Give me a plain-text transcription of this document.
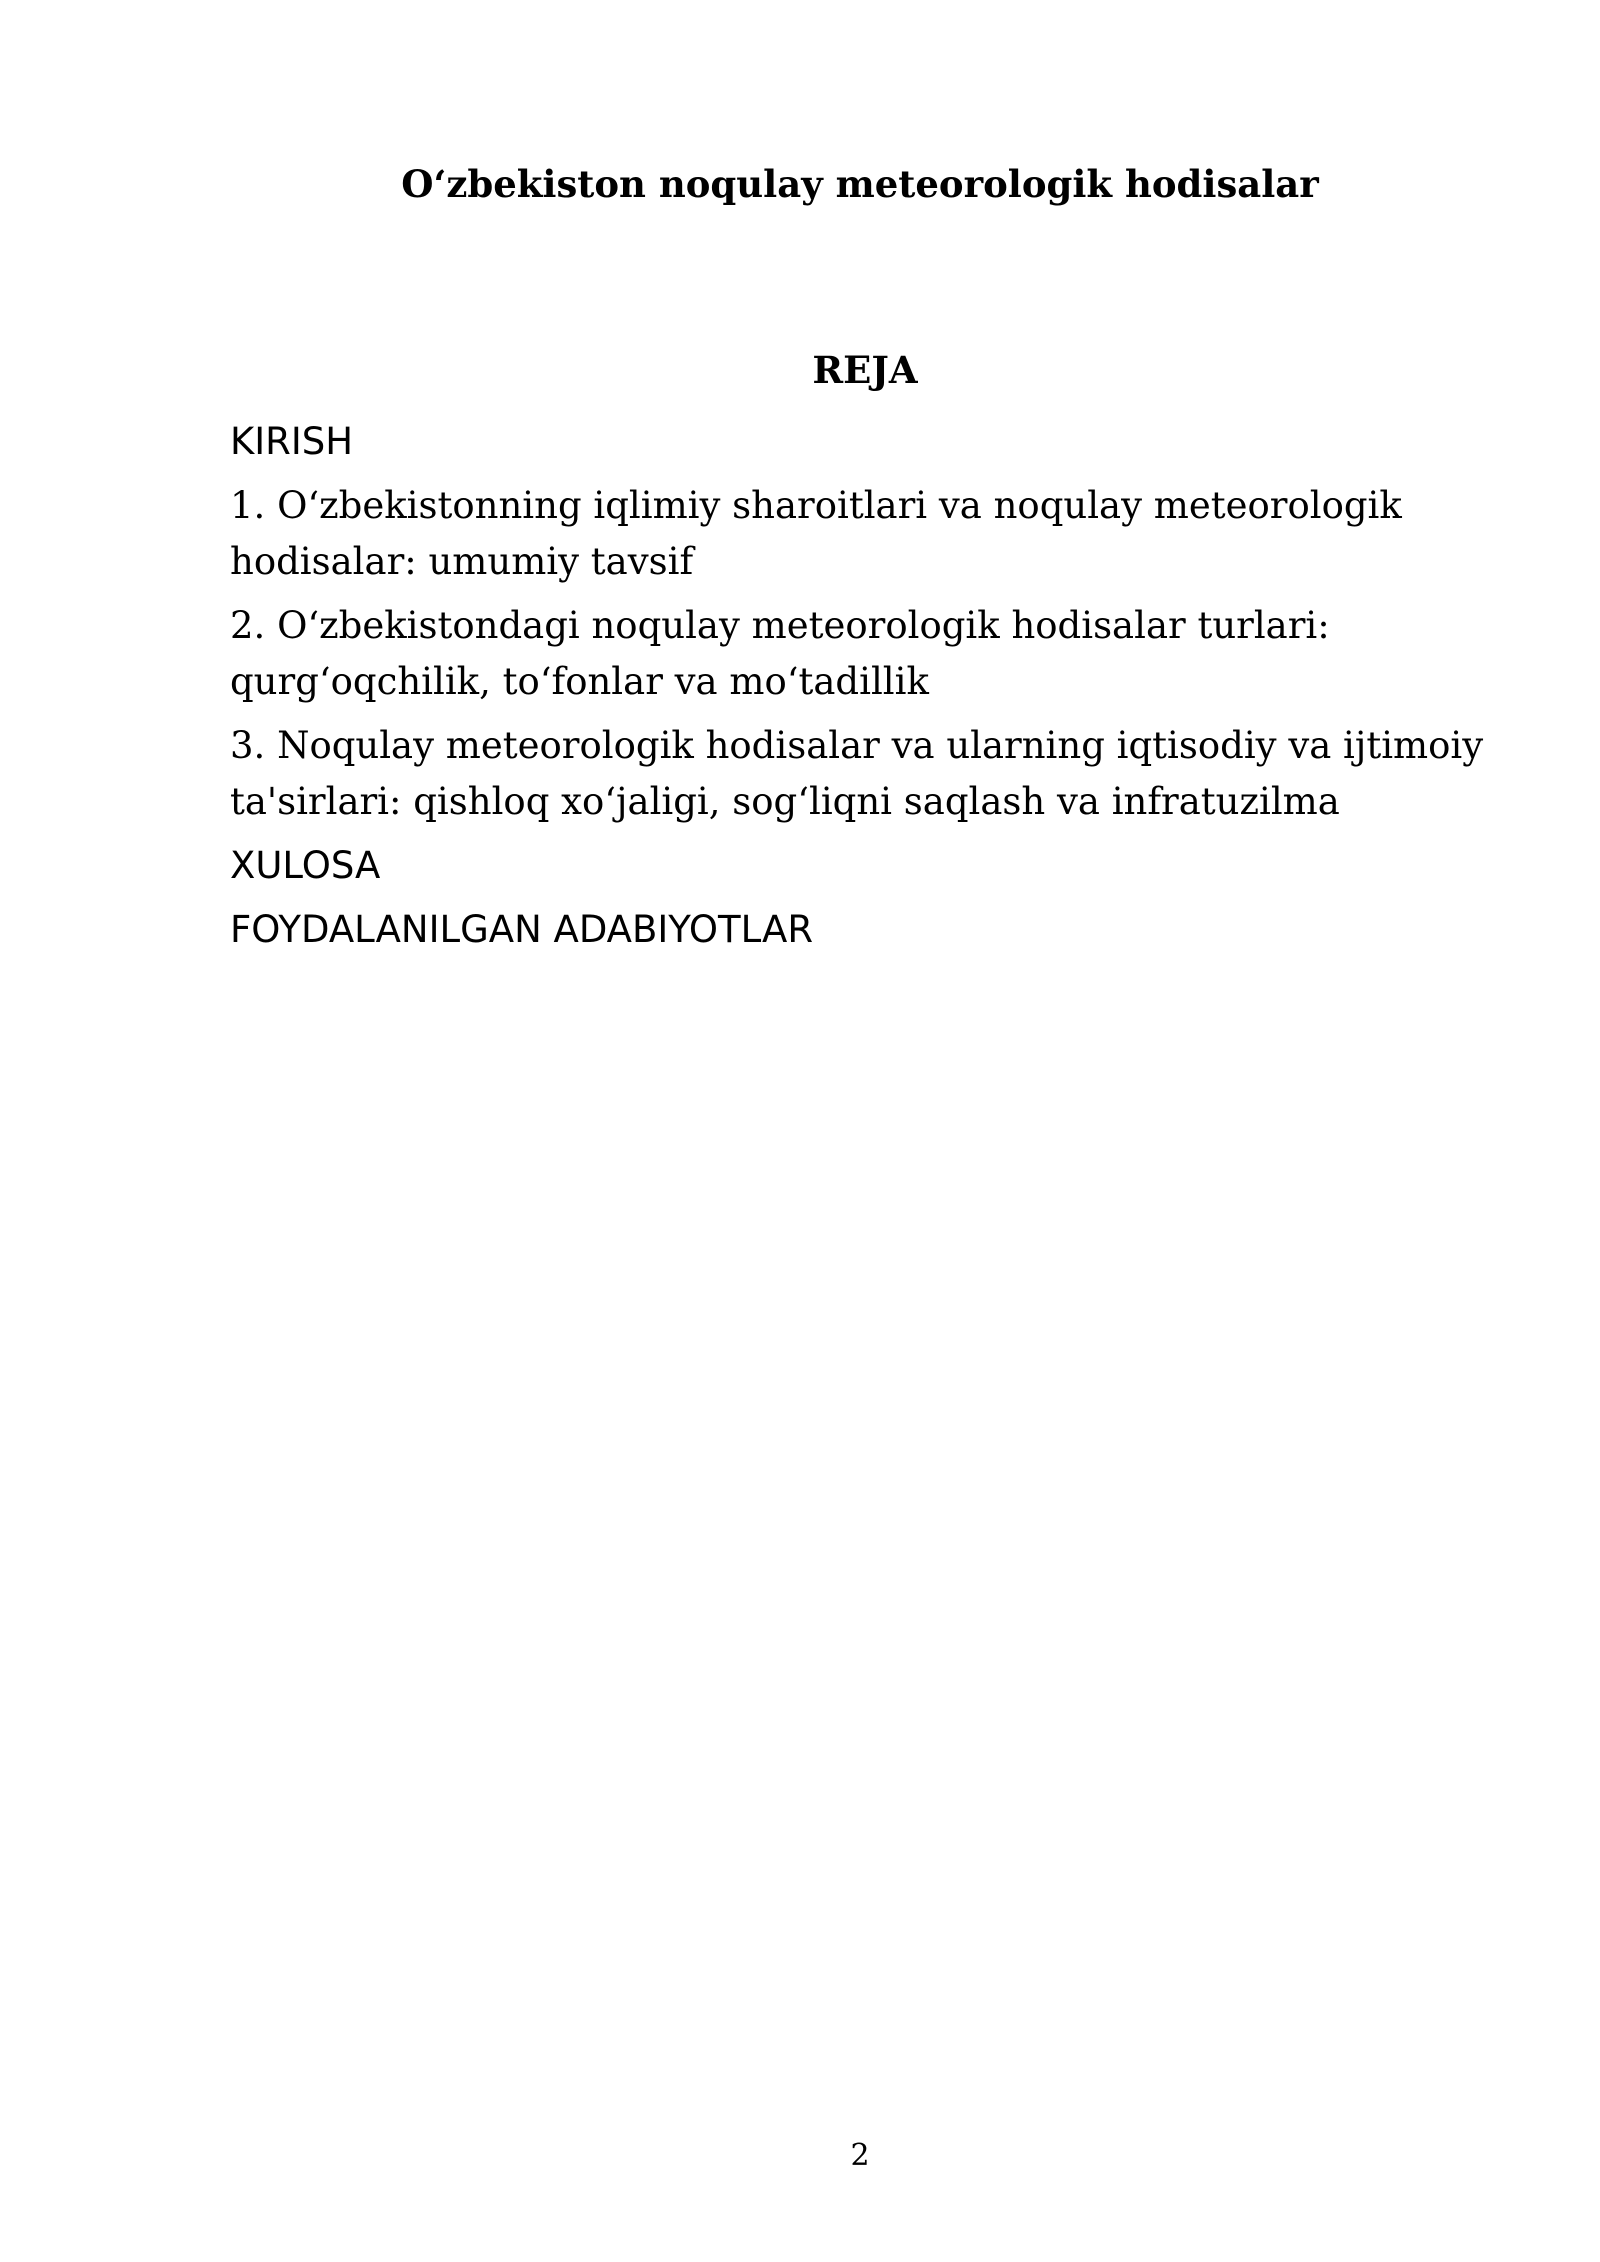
O‘zbekiston noqulay meteorologik hodisalar
REJA
KIRISH
1. O‘zbekistonning iqlimiy sharoitlari va noqulay meteorologik hodisalar: umumiy tavsif
2. O‘zbekistondagi noqulay meteorologik hodisalar turlari: qurg‘oqchilik, to‘fonlar va mo‘tadillik
3. Noqulay meteorologik hodisalar va ularning iqtisodiy va ijtimoiy ta'sirlari: qishloq xo‘jaligi, sog‘liqni saqlash va infratuzilma
XULOSA
FOYDALANILGAN ADABIYOTLAR
2
